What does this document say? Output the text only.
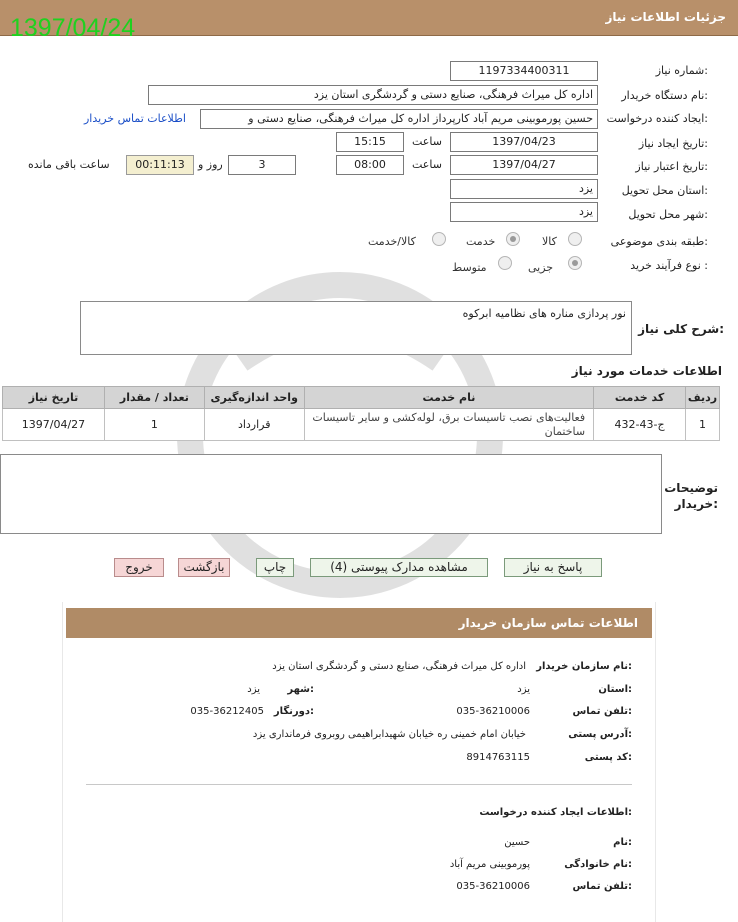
جزئیات اطلاعات نیاز
1397/04/24
شماره نیاز:
1197334400311
نام دستگاه خریدار:
اداره کل میراث فرهنگی، صنایع دستی و گردشگری استان یزد
ایجاد کننده درخواست:
حسین پورموبینی مریم آباد کارپرداز اداره کل میراث فرهنگی، صنایع دستی و
اطلاعات تماس خریدار
تاریخ ایجاد نیاز:
1397/04/23
ساعت
15:15
تاریخ اعتبار نیاز:
1397/04/27
ساعت
08:00
3
روز و
00:11:13
ساعت باقی مانده
استان محل تحویل:
یزد
شهر محل تحویل:
یزد
طبقه بندی موضوعی:
کالا
خدمت
کالا/خدمت
نوع فرآیند خرید :
جزیی
متوسط
شرح کلی نیاز:
نور پردازی مناره های نظامیه ابرکوه
اطلاعات خدمات مورد نیاز
ردیف	کد خدمت	نام خدمت	واحد اندازه‌گیری	تعداد / مقدار	تاریخ نیاز
1	ج-43-432	فعالیت‌های نصب تاسیسات برق، لوله‌کشی و سایر تاسیسات ساختمان	قرارداد	1	1397/04/27
توضیحات خریدار:
پاسخ به نیاز
مشاهده مدارک پیوستی (4)
چاپ
بازگشت
خروج
اطلاعات تماس سازمان خریدار
نام سازمان خریدار:
اداره کل میراث فرهنگی، صنایع دستی و گردشگری استان یزد
استان:
یزد
شهر:
یزد
تلفن تماس:
035-36210006
دورنگار:
035-36212405
آدرس پستی:
خیابان امام خمینی ره خیابان شهیدابراهیمی روبروی فرمانداری یزد
کد پستی:
8914763115
اطلاعات ایجاد کننده درخواست:
نام:
حسین
نام خانوادگی:
پورموبینی مریم آباد
تلفن تماس:
035-36210006
